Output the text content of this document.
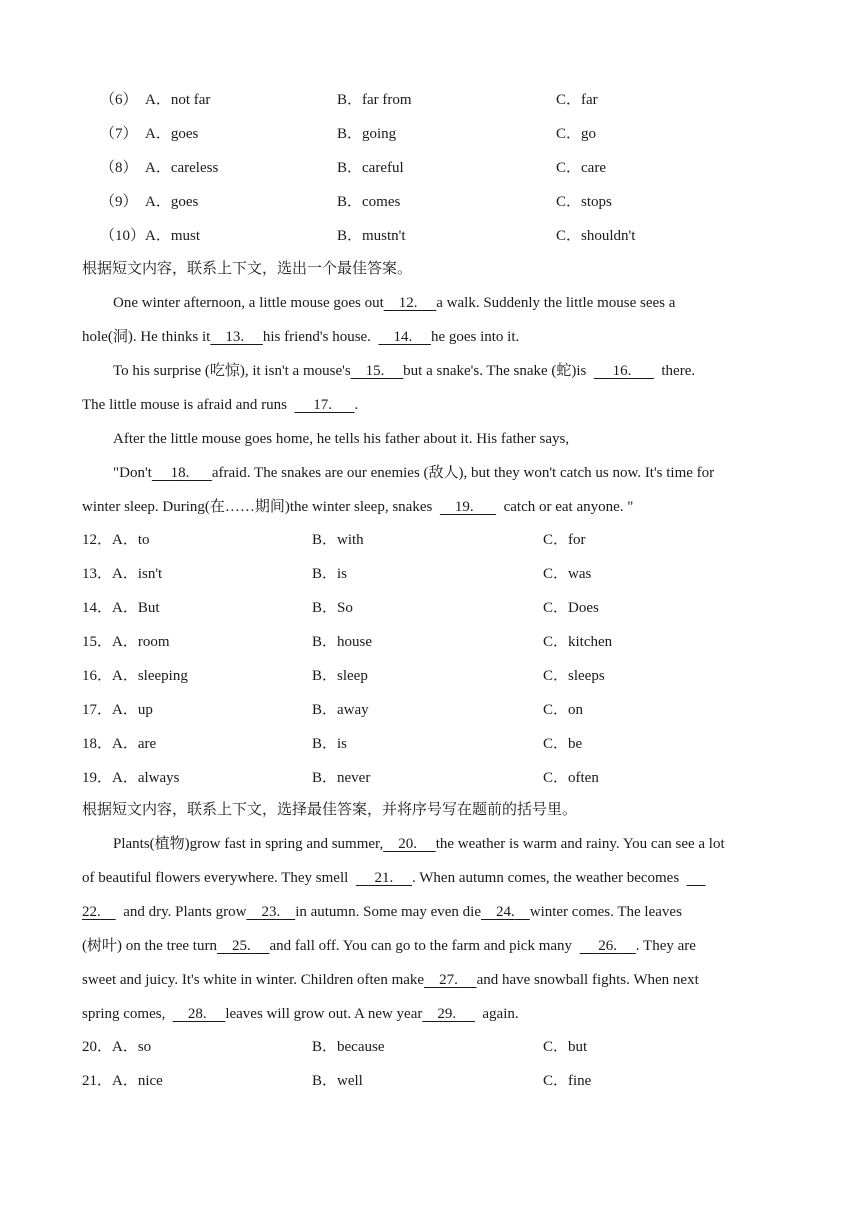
（6） A．not far	B．far from	C．far
（7） A．goes	B．going	C．go
（8） A．careless	B．careful	C．care
（9） A．goes	B．comes	C．stops
（10） A．must	B．mustn't	C．shouldn't
根据短文内容，联系上下文，选出一个最佳答案。
One winter afternoon, a little mouse goes out 12. a walk. Suddenly the little mouse sees a
hole(洞). He thinks it 13. his friend's house. 14. he goes into it.
To his surprise (吃惊), it isn't a mouse's 15. but a snake's. The snake (蛇)is 16. there.
The little mouse is afraid and runs 17. .
After the little mouse goes home, he tells his father about it. His father says,
"Don't 18. afraid. The snakes are our enemies (敌人), but they won't catch us now. It's time for
winter sleep. During(在……期间)the winter sleep, snakes 19. catch or eat anyone. "
12． A．to	B．with	C．for
13． A．isn't	B．is	C．was
14． A．But	B．So	C．Does
15． A．room	B．house	C．kitchen
16． A．sleeping	B．sleep	C．sleeps
17． A．up	B．away	C．on
18． A．are	B．is	C．be
19． A．always	B．never	C．often
根据短文内容，联系上下文，选择最佳答案，并将序号写在题前的括号里。
Plants(植物)grow fast in spring and summer, 20. the weather is warm and rainy. You can see a lot
of beautiful flowers everywhere. They smell 21. . When autumn comes, the weather becomes
22. and dry. Plants grow 23. in autumn. Some may even die 24. winter comes. The leaves
(树叶) on the tree turn 25. and fall off. You can go to the farm and pick many 26. . They are
sweet and juicy. It's white in winter. Children often make 27. and have snowball fights. When next
spring comes, 28. leaves will grow out. A new year 29. again.
20． A．so	B．because	C．but
21． A．nice	B．well	C．fine
